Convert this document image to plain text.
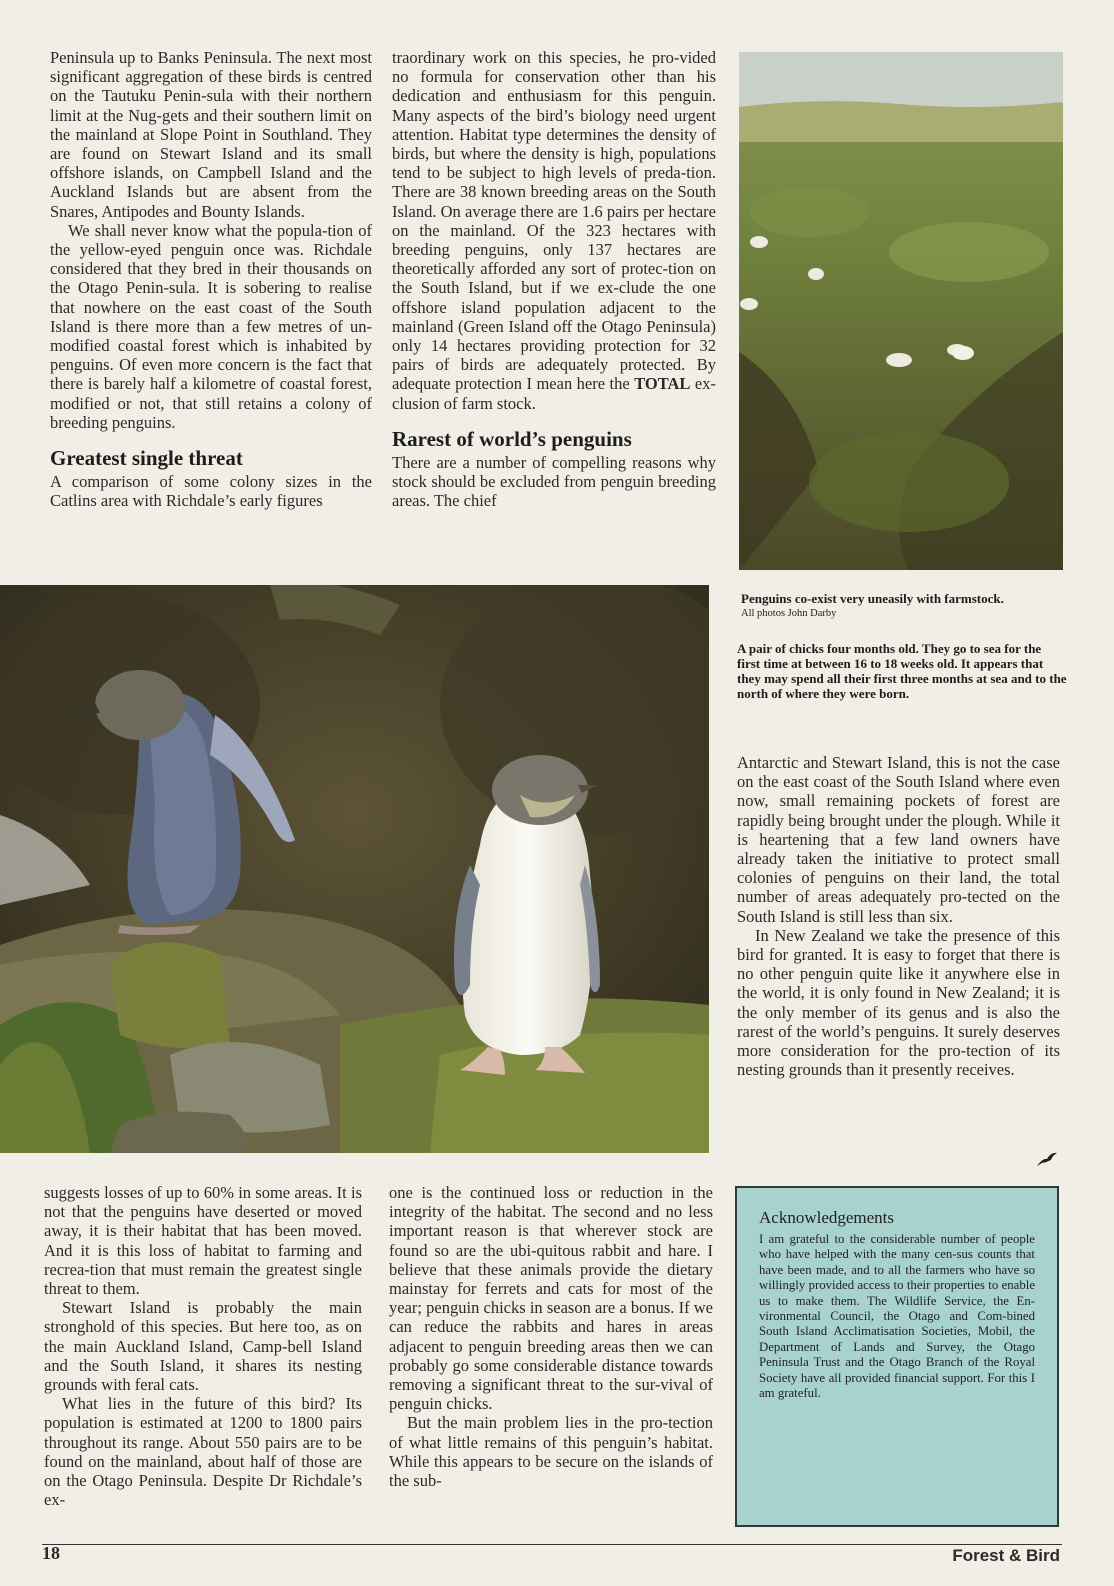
Peninsula up to Banks Peninsula. The next most significant aggregation of these birds is centred on the Tautuku Penin-sula with their northern limit at the Nug-gets and their southern limit on the mainland at Slope Point in Southland. They are found on Stewart Island and its small offshore islands, on Campbell Island and the Auckland Islands but are absent from the Snares, Antipodes and Bounty Islands.

We shall never know what the popula-tion of the yellow-eyed penguin once was. Richdale considered that they bred in their thousands on the Otago Penin-sula. It is sobering to realise that nowhere on the east coast of the South Island is there more than a few metres of un-modified coastal forest which is inhabited by penguins. Of even more concern is the fact that there is barely half a kilometre of coastal forest, modified or not, that still retains a colony of breeding penguins.

Greatest single threat

A comparison of some colony sizes in the Catlins area with Richdale’s early figures

traordinary work on this species, he pro-vided no formula for conservation other than his dedication and enthusiasm for this penguin. Many aspects of the bird’s biology need urgent attention. Habitat type determines the density of birds, but where the density is high, populations tend to be subject to high levels of preda-tion. There are 38 known breeding areas on the South Island. On average there are 1.6 pairs per hectare on the mainland. Of the 323 hectares with breeding penguins, only 137 hectares are theoretically afforded any sort of protec-tion on the South Island, but if we ex-clude the one offshore island population adjacent to the mainland (Green Island off the Otago Peninsula) only 14 hectares providing protection for 32 pairs of birds are adequately protected. By adequate protection I mean here the TOTAL ex-clusion of farm stock.

Rarest of world’s penguins

There are a number of compelling reasons why stock should be excluded from penguin breeding areas. The chief

Penguins co-exist very uneasily with farmstock.
All photos John Darby
A pair of chicks four months old. They go to sea for the first time at between 16 to 18 weeks old. It appears that they may spend all their first three months at sea and to the north of where they were born.

Antarctic and Stewart Island, this is not the case on the east coast of the South Island where even now, small remaining pockets of forest are rapidly being brought under the plough. While it is heartening that a few land owners have already taken the initiative to protect small colonies of penguins on their land, the total number of areas adequately pro-tected on the South Island is still less than six.

In New Zealand we take the presence of this bird for granted. It is easy to forget that there is no other penguin quite like it anywhere else in the world, it is only found in New Zealand; it is the only member of its genus and is also the rarest of the world’s penguins. It surely deserves more consideration for the pro-tection of its nesting grounds than it presently receives.

suggests losses of up to 60% in some areas. It is not that the penguins have deserted or moved away, it is their habitat that has been moved. And it is this loss of habitat to farming and recrea-tion that must remain the greatest single threat to them.

Stewart Island is probably the main stronghold of this species. But here too, as on the main Auckland Island, Camp-bell Island and the South Island, it shares its nesting grounds with feral cats.

What lies in the future of this bird? Its population is estimated at 1200 to 1800 pairs throughout its range. About 550 pairs are to be found on the mainland, about half of those are on the Otago Peninsula. Despite Dr Richdale’s ex-

one is the continued loss or reduction in the integrity of the habitat. The second and no less important reason is that wherever stock are found so are the ubi-quitous rabbit and hare. I believe that these animals provide the dietary mainstay for ferrets and cats for most of the year; penguin chicks in season are a bonus. If we can reduce the rabbits and hares in areas adjacent to penguin breeding areas then we can probably go some considerable distance towards removing a significant threat to the sur-vival of penguin chicks.

But the main problem lies in the pro-tection of what little remains of this penguin’s habitat. While this appears to be secure on the islands of the sub-

Acknowledgements
I am grateful to the considerable number of people who have helped with the many cen-sus counts that have been made, and to all the farmers who have so willingly provided access to their properties to enable us to make them. The Wildlife Service, the En-vironmental Council, the Otago and Com-bined South Island Acclimatisation Societies, Mobil, the Department of Lands and Survey, the Otago Peninsula Trust and the Otago Branch of the Royal Society have all provided financial support. For this I am grateful.
18	Forest & Bird
